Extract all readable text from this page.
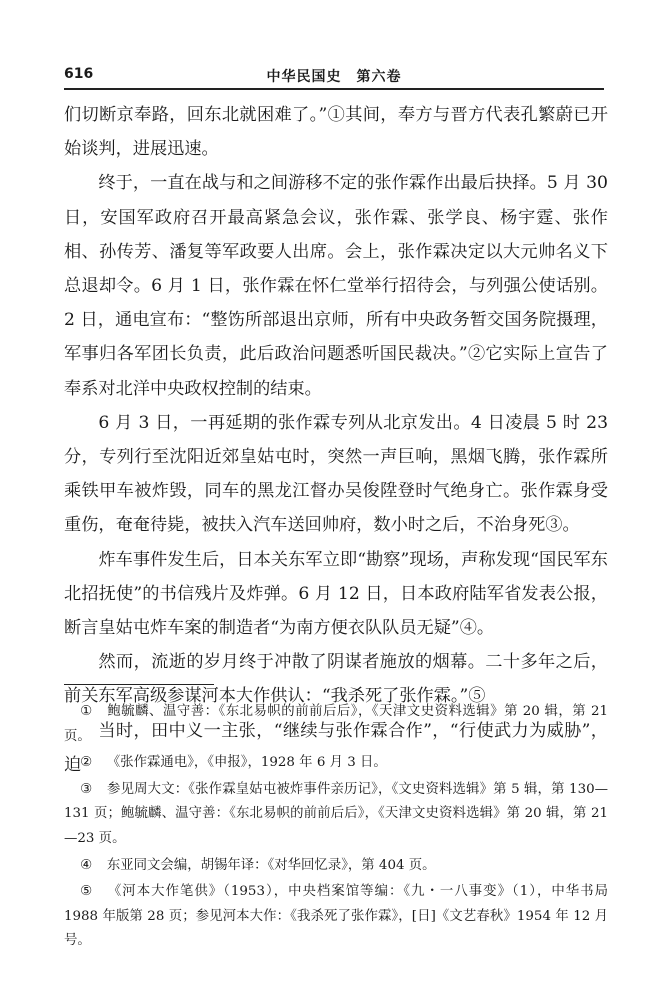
616	中华民国史　第六卷

们切断京奉路，回东北就困难了。”①其间，奉方与晋方代表孔繁蔚已开始谈判，进展迅速。

终于，一直在战与和之间游移不定的张作霖作出最后抉择。5 月 30 日，安国军政府召开最高紧急会议，张作霖、张学良、杨宇霆、张作相、孙传芳、潘复等军政要人出席。会上，张作霖决定以大元帅名义下总退却令。6 月 1 日，张作霖在怀仁堂举行招待会，与列强公使话别。2 日，通电宣布：“整饬所部退出京师，所有中央政务暂交国务院摄理，军事归各军团长负责，此后政治问题悉听国民裁决。”②它实际上宣告了奉系对北洋中央政权控制的结束。

6 月 3 日，一再延期的张作霖专列从北京发出。4 日凌晨 5 时 23 分，专列行至沈阳近郊皇姑屯时，突然一声巨响，黑烟飞腾，张作霖所乘铁甲车被炸毁，同车的黑龙江督办吴俊陞登时气绝身亡。张作霖身受重伤，奄奄待毙，被扶入汽车送回帅府，数小时之后，不治身死③。

炸车事件发生后，日本关东军立即“勘察”现场，声称发现“国民军东北招抚使”的书信残片及炸弹。6 月 12 日，日本政府陆军省发表公报，断言皇姑屯炸车案的制造者“为南方便衣队队员无疑”④。

然而，流逝的岁月终于冲散了阴谋者施放的烟幕。二十多年之后，前关东军高级参谋河本大作供认：“我杀死了张作霖。”⑤

当时，田中义一主张，“继续与张作霖合作”，“行使武力为威胁”，迫

① 鲍毓麟、温守善：《东北易帜的前前后后》，《天津文史资料选辑》第 20 辑，第 21 页。

② 《张作霖通电》，《申报》，1928 年 6 月 3 日。

③ 参见周大文：《张作霖皇姑屯被炸事件亲历记》，《文史资料选辑》第 5 辑，第 130—131 页；鲍毓麟、温守善：《东北易帜的前前后后》，《天津文史资料选辑》第 20 辑，第 21—23 页。

④ 东亚同文会编，胡锡年译：《对华回忆录》，第 404 页。

⑤ 《河本大作笔供》（1953），中央档案馆等编：《九・一八事变》（1），中华书局 1988 年版第 28 页；参见河本大作：《我杀死了张作霖》，[日]《文艺春秋》1954 年 12 月号。
